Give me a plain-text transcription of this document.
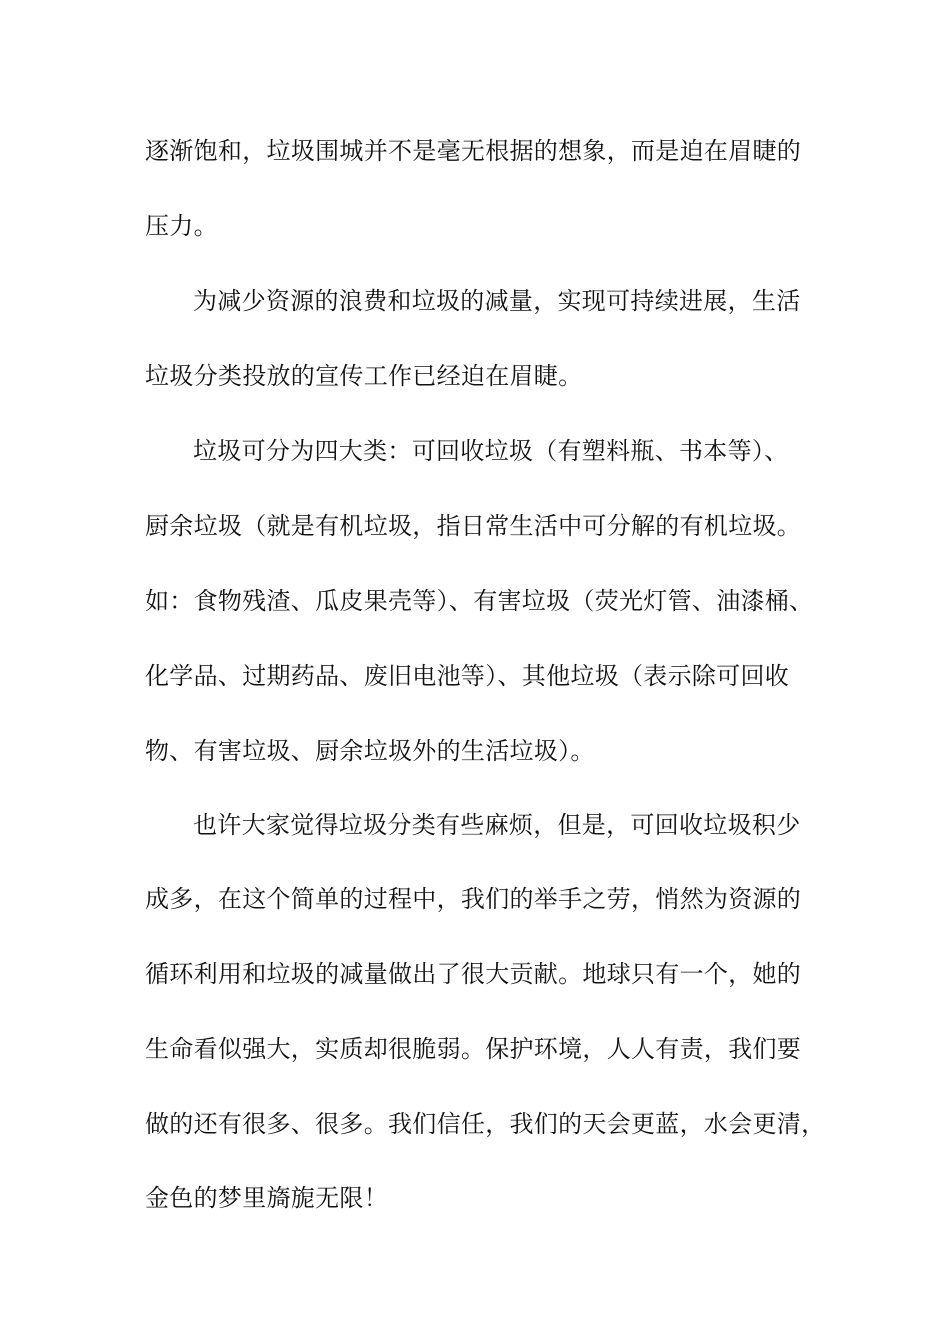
逐渐饱和，垃圾围城并不是毫无根据的想象，而是迫在眉睫的
压力。
为减少资源的浪费和垃圾的减量，实现可持续进展，生活
垃圾分类投放的宣传工作已经迫在眉睫。
垃圾可分为四大类：可回收垃圾（有塑料瓶、书本等）、
厨余垃圾（就是有机垃圾，指日常生活中可分解的有机垃圾。
如：食物残渣、瓜皮果壳等）、有害垃圾（荧光灯管、油漆桶、
化学品、过期药品、废旧电池等）、其他垃圾（表示除可回收
物、有害垃圾、厨余垃圾外的生活垃圾）。
也许大家觉得垃圾分类有些麻烦，但是，可回收垃圾积少
成多，在这个简单的过程中，我们的举手之劳，悄然为资源的
循环利用和垃圾的减量做出了很大贡献。地球只有一个，她的
生命看似强大，实质却很脆弱。保护环境，人人有责，我们要
做的还有很多、很多。我们信任，我们的天会更蓝，水会更清，
金色的梦里旖旎无限！
